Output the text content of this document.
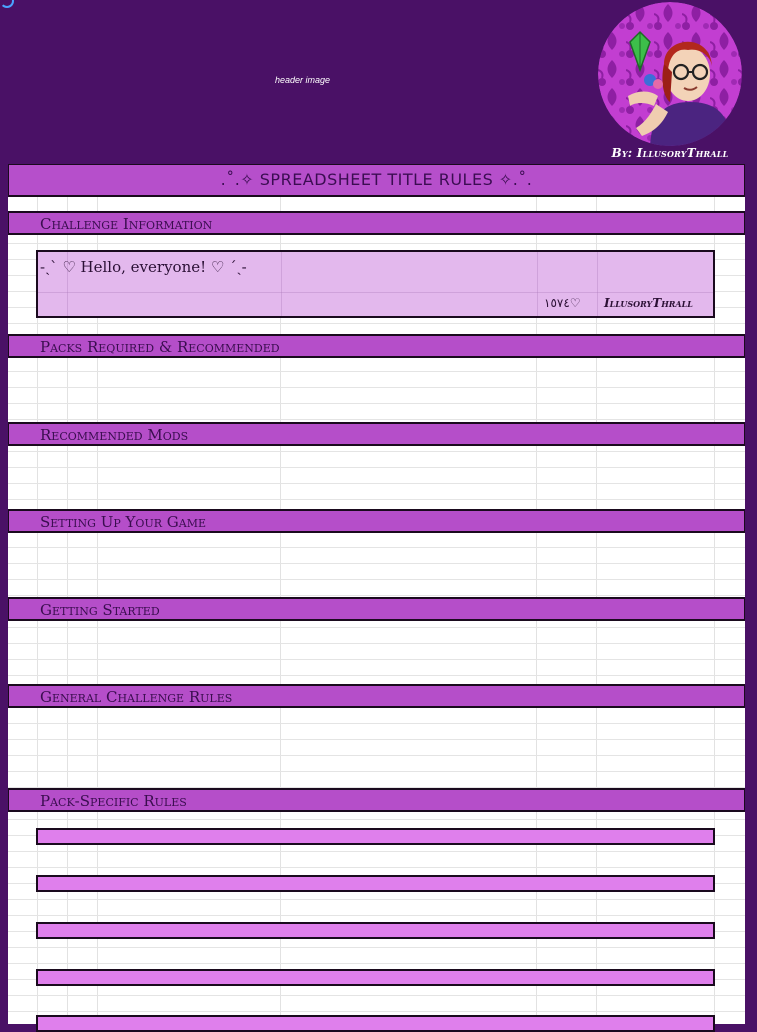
header image
By: IllusoryThrall
.˚.✧ SPREADSHEET TITLE RULES ✧.˚.
Challenge Information
-ˏˋ ♡ Hello, everyone! ♡ ˊˎ-
١٥٧٤♡ IllusoryThrall
Packs Required & Recommended
Recommended Mods
Setting Up Your Game
Getting Started
General Challenge Rules
Pack-Specific Rules
